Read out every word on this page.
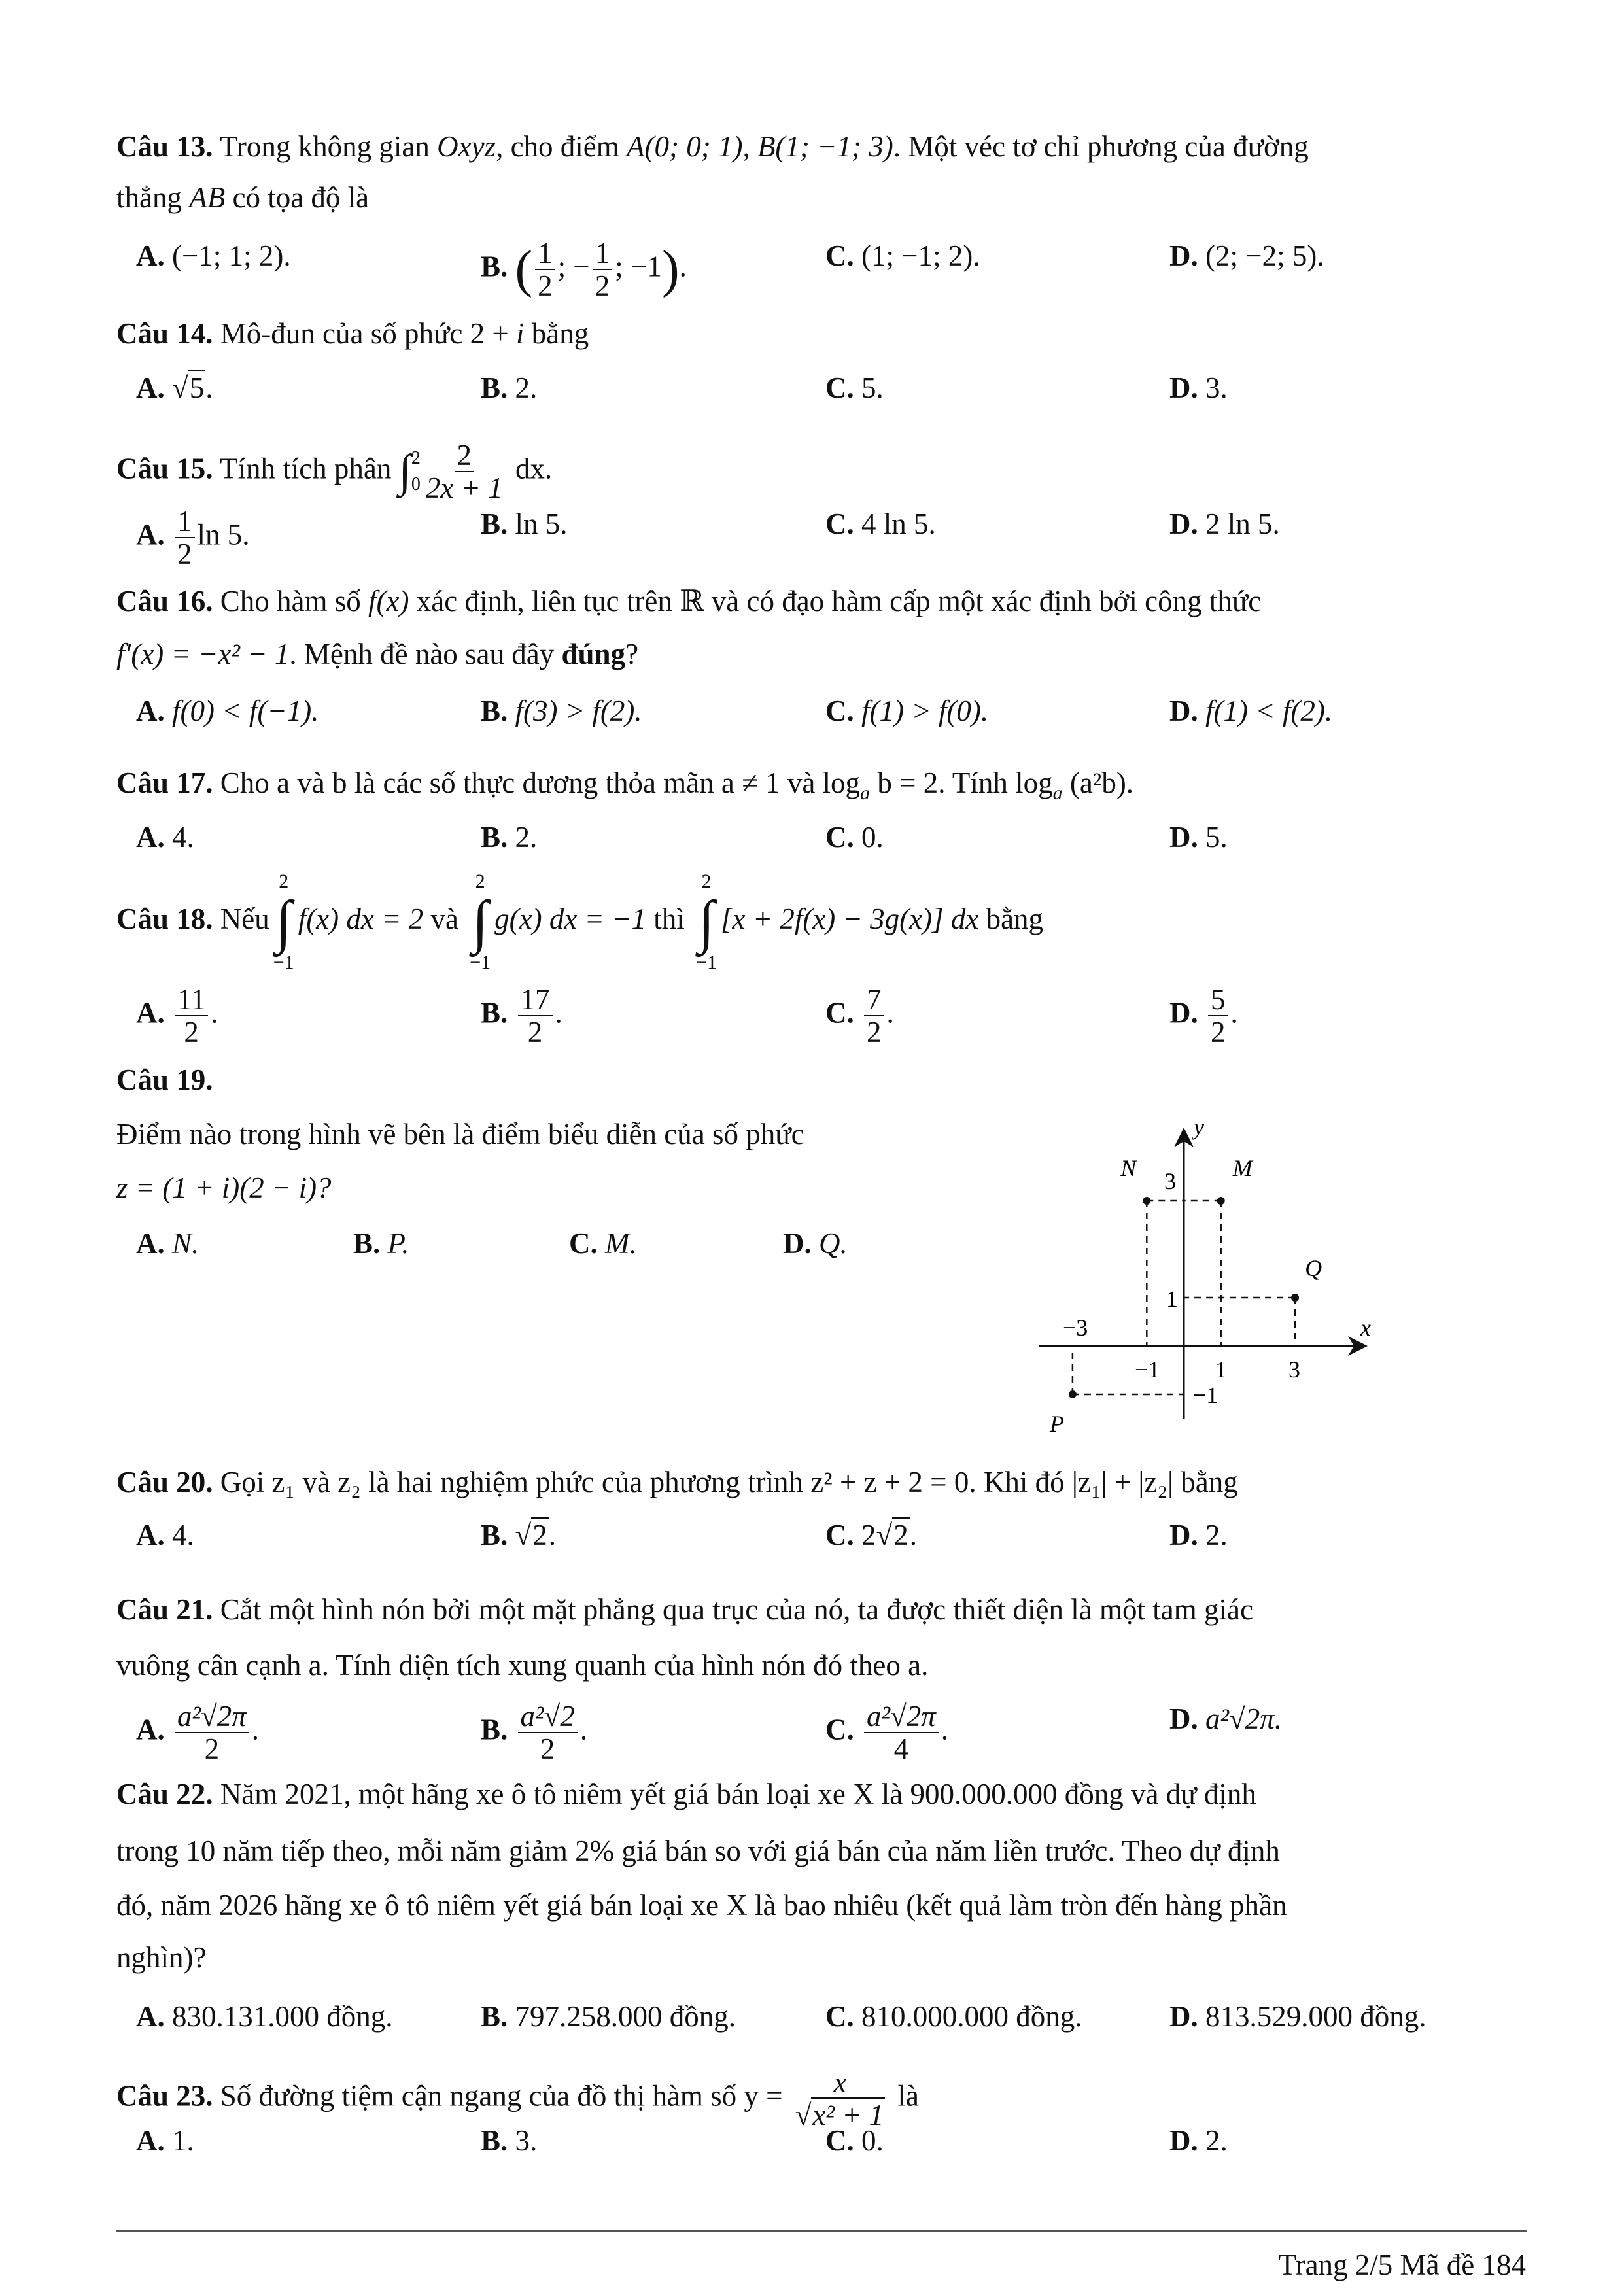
Câu 13. Trong không gian Oxyz, cho điểm A(0; 0; 1), B(1; −1; 3). Một véc tơ chỉ phương của đường
thẳng AB có tọa độ là
A. (−1; 1; 2).	B. ( $\frac{1}{2}$ ; − $\frac{1}{2}$ ; −1).	C. (1; −1; 2).	D. (2; −2; 5).
Câu 14. Mô-đun của số phức 2 + i bằng
A. √5.	B. 2.	C. 5.	D. 3.
Câu 15. Tính tích phân ∫ 2
$0 \frac{2}{2x + 1}$ dx.
A. $\frac{1}{2}$ ln 5.	B. ln 5.	C. 4 ln 5.	D. 2 ln 5.
Câu 16. Cho hàm số f(x) xác định, liên tục trên ℝ và có đạo hàm cấp một xác định bởi công thức
f′(x) = −x² − 1. Mệnh đề nào sau đây đúng?
A. f(0) < f(−1).	B. f(3) > f(2).	C. f(1) > f(0).	D. f(1) < f(2).
Câu 17. Cho a và b là các số thực dương thỏa mãn a ≠ 1 và $\log_a b = 2$. Tính $\log_a (a^2b)$.
A. 4.	B. 2.	C. 0.	D. 5.
Câu 18. Nếu
2
∫
−1
f(x) dx = 2 và
2
∫
−1
g(x) dx = −1 thì
2
∫
−1
[x + 2f(x) − 3g(x)] dx bằng
A. $\frac{11}{2}$ .	B. $\frac{17}{2}$ .	C. $\frac{7}{2}$ .	D. $\frac{5}{2}$ .
Câu 19.
Điểm nào trong hình vẽ bên là điểm biểu diễn của số phức
z = (1 + i)(2 − i)?
A. N.	B. P.	C. M.	D. Q.
x
y
N	M
Q
P
−3
−1 1	3
3
1
−1
Câu 20. Gọi z₁ và z₂ là hai nghiệm phức của phương trình z² + z + 2 = 0. Khi đó |z₁| + |z₂| bằng
A. 4.	B. √2.	C. 2√2.	D. 2.
Câu 21. Cắt một hình nón bởi một mặt phẳng qua trục của nó, ta được thiết diện là một tam giác
vuông cân cạnh a. Tính diện tích xung quanh của hình nón đó theo a.
A. $\frac{\text{a²√2π}}{2}$ .	B. $\frac{\text{a²√2}}{2}$ .	C. $\frac{\text{a²√2π}}{4}$ .	D. a²√2π.
Câu 22. Năm 2021, một hãng xe ô tô niêm yết giá bán loại xe X là 900.000.000 đồng và dự định
trong 10 năm tiếp theo, mỗi năm giảm 2% giá bán so với giá bán của năm liền trước. Theo dự định
đó, năm 2026 hãng xe ô tô niêm yết giá bán loại xe X là bao nhiêu (kết quả làm tròn đến hàng phần
nghìn)?
A. 830.131.000 đồng.	B. 797.258.000 đồng.	C. 810.000.000 đồng.	D. 813.529.000 đồng.
Câu 23. Số đường tiệm cận ngang của đồ thị hàm số $y = \frac{x}{\text{√x² + 1}}$ là
A. 1.	B. 3.	C. 0.	D. 2.
Trang 2/5 Mã đề 184
